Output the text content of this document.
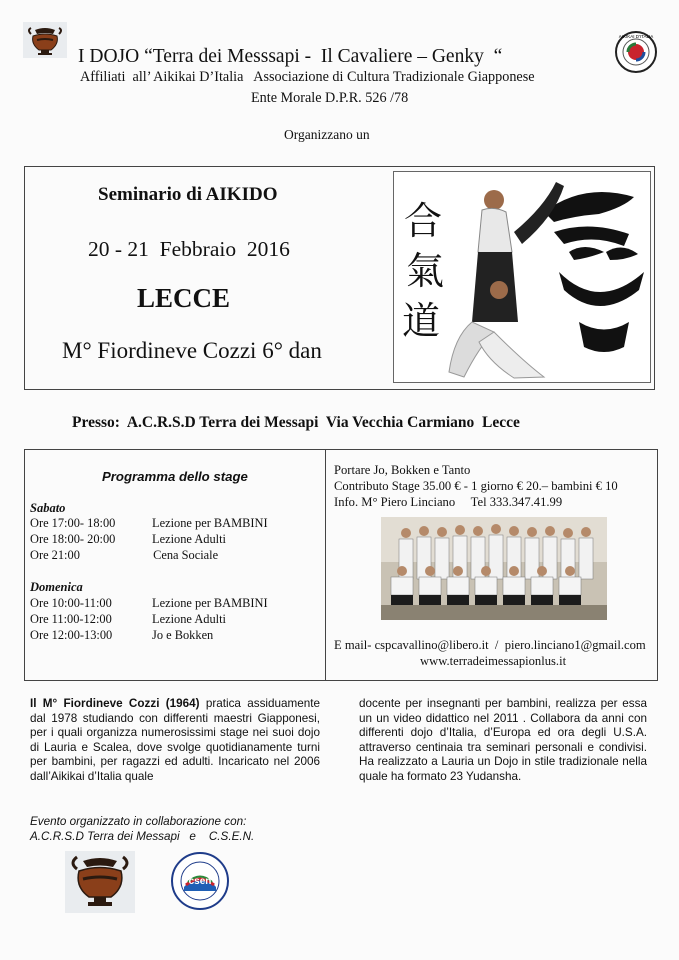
AIKIKAI D'ITALIA
I DOJO “Terra dei Messsapi -  Il Cavaliere – Genky  “
Affiliati  all’ Aikikai D’Italia   Associazione di Cultura Tradizionale Giapponese
Ente Morale D.P.R. 526 /78
Organizzano un
Seminario di AIKIDO
20 - 21  Febbraio  2016
LECCE
M° Fiordineve Cozzi 6° dan
合
氣
道
Presso:  A.C.R.S.D Terra dei Messapi  Via Vecchia Carmiano  Lecce
Programma dello stage
Sabato
Ore 17:00- 18:00	Lezione per BAMBINI
Ore 18:00- 20:00	Lezione Adulti
Ore 21:00	Cena Sociale
Domenica
Ore 10:00-11:00	Lezione per BAMBINI
Ore 11:00-12:00	Lezione Adulti
Ore 12:00-13:00	Jo e Bokken
Portare Jo, Bokken e Tanto
Contributo Stage 35.00 € - 1 giorno € 20.– bambini € 10
Info. M° Piero Linciano     Tel 333.347.41.99
E mail- cspcavallino@libero.it  /  piero.linciano1@gmail.com
www.terradeimessapionlus.it
Il M° Fiordineve Cozzi (1964) pratica assiduamente dal 1978 studiando con differenti maestri Giapponesi, per i quali organizza numerosissimi stage nei suoi dojo di Lauria e Scalea, dove svolge quotidianamente turni per bambini, per ragazzi ed adulti. Incaricato nel 2006 dall’Aikikai d’Italia quale
docente per insegnanti per bambini, realizza per essa un un video didattico nel 2011 . Collabora da anni con differenti dojo d’Italia, d’Europa ed ora degli U.S.A. attraverso centinaia tra seminari personali e condivisi. Ha realizzato a Lauria un Dojo in stile tradizionale nella quale ha formato 23 Yudansha.
Evento organizzato in collaborazione con:
A.C.R.S.D Terra dei Messapi   e    C.S.E.N.
csen
